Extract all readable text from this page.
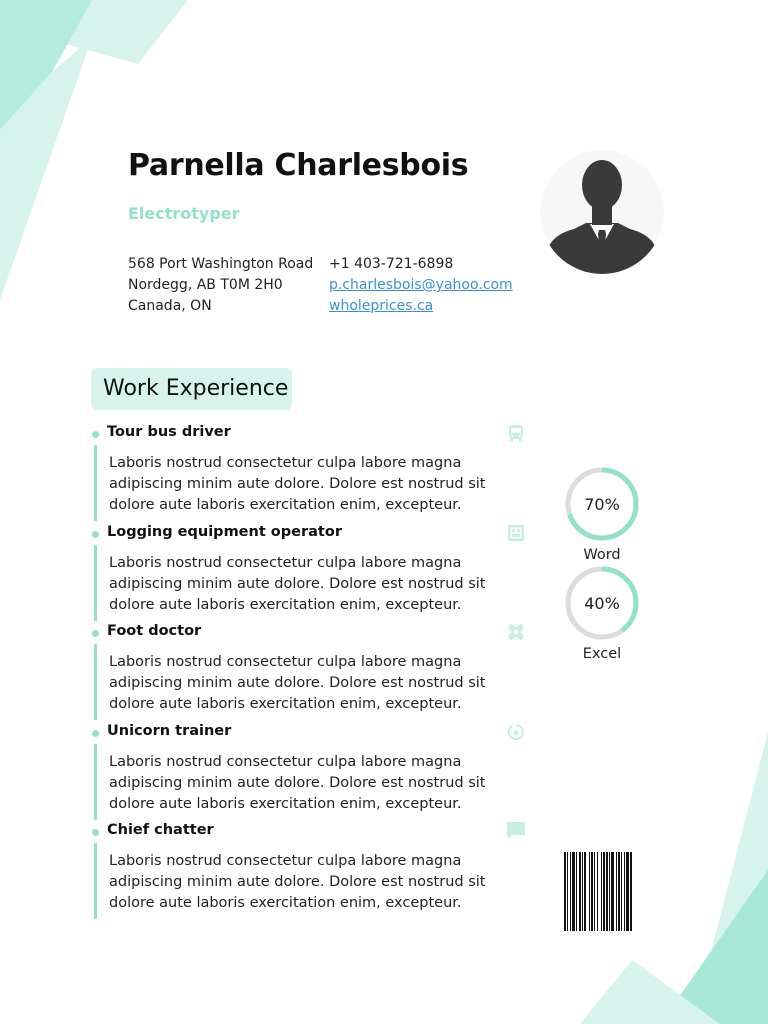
Parnella Charlesbois
Electrotyper
568 Port Washington Road
Nordegg, AB T0M 2H0
Canada, ON
+1 403-721-6898
p.charlesbois@yahoo.com
wholeprices.ca
Work Experience
Tour bus driver
Laboris nostrud consectetur culpa labore magna adipiscing minim aute dolore. Dolore est nostrud sit dolore aute laboris exercitation enim, excepteur.
Logging equipment operator
Laboris nostrud consectetur culpa labore magna adipiscing minim aute dolore. Dolore est nostrud sit dolore aute laboris exercitation enim, excepteur.
Foot doctor
Laboris nostrud consectetur culpa labore magna adipiscing minim aute dolore. Dolore est nostrud sit dolore aute laboris exercitation enim, excepteur.
Unicorn trainer
Laboris nostrud consectetur culpa labore magna adipiscing minim aute dolore. Dolore est nostrud sit dolore aute laboris exercitation enim, excepteur.
Chief chatter
Laboris nostrud consectetur culpa labore magna adipiscing minim aute dolore. Dolore est nostrud sit dolore aute laboris exercitation enim, excepteur.
70%
Word
40%
Excel
